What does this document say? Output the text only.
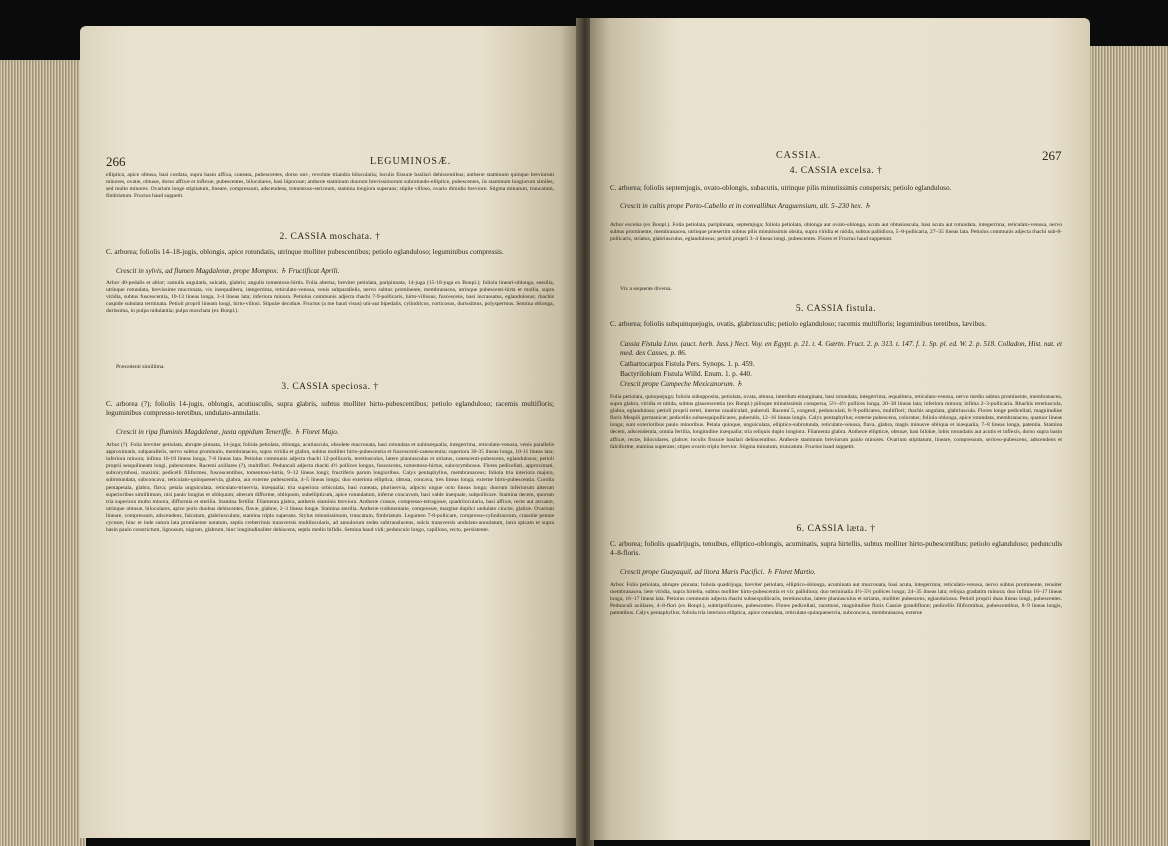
266	LEGUMINOSÆ.
elliptica, apice obtusa, basi cordata, supra basin affixa, cuneata, pubescentes, dorso uni-, revolute triandra bilocularia; loculis fissuræ basilari dehiscentibus; antheræ staminum quinque breviorum minores, ovatæ, obtusæ, dorso affixæ et inflexæ, pubescentes, biloculares, basi biporosæ; antheræ staminum duorum brevissimorum subrotundo-elliptice, pubescentes, iis staminum longiorum similes, sed multo minores. Ovarium longe stipitatum, lineare, compressum, adscendens, tomentoso-sericeum, stamina longiora superans; stipite villoso, ovario dimidio breviore. Stigma minutum, truncatum, fimbriatum. Fructus haud suppetit.
2. CASSIA moschata. †
C. arborea; foliolis 14–18-jugis, oblongis, apice rotundatis, utrinque molliter pubescentibus; petiolo eglanduloso; leguminibus compressis.
Crescit in sylvis, ad flumen Magdalenæ, prope Mompox. ♄ Fructificat Aprili.
Arbor 40-pedalis et altior; ramulis angulatis, sulcatis, glabris; angulis tomentoso-hirtis. Folia alterna, breviter petiolata, paripinnata, 14-juga (15-18-juga ex Bonpl.); foliola lineari-oblonga, sessilia, utrinque rotundata, brevissime mucronata, vix inæqualitera, integerrima, reticulato-venosa, venis subparallelis, nervo subtus prominente, membranacea, utrinque pubescenti-hirta et mollia, supra viridia, subtus fuscescentia, 10-13 lineas longa, 3-4 lineas lata; inferiora minora. Petiolus communis adjecta rhachi 7-9-pollicaris, hirto-villosus, fuscescens, basi incrassatus, eglandulosus; rhachis cuspide subulata terminata. Petioli proprii lineam longi, hirto-villosi. Stipulæ deciduæ. Fructus (a me haud visus) uni-aut bipedalis, cylindricus, corticosus, durissimus, polyspermus. Semina oblonga, durissima, in pulpa nidulantia; pulpa moschata (ex Bonpl.).
Præcedenti simillima.
3. CASSIA speciosa. †
C. arborea (?); foliolis 14-jugis, oblongis, acutiusculis, supra glabris, subtus molliter hirto-pubescentibus; petiolo eglanduloso; racemis multifloris; leguminibus compresso-teretibus, undulato-annulatis.
Crescit in ripa fluminis Magdalenæ, juxta oppidum Teneriffe. ♄ Floret Majo.
Arbor (?). Folia breviter petiolata, abrupte pinnata, 14-juga; foliola petiolata, oblonga, acutiuscula, obsolete mucronata, basi rotundata et subinæqualia, integerrima, reticulato-venosa, venis parallelis approximatis, subparallelis, nervo subtus prominulo, membranacea, supra viridia et glabra, subtus molliter hirto-pubescentia et fuscescenti-canescentia; superiora 30-35 lineas longa, 10-11 lineas lata; inferiora minora; infima 16-18 lineas longa, 7-8 lineas lata. Petiolus communis adjecta rhachi 12-pollicaris, teretiusculus, latere planiusculus et striatus, canescenti-pubescens, eglandulosus; petioli proprii sesquilineam longi, pubescentes. Racemi axillares (?), multiflori. Pedunculi adjecta rhachi 4½ pollices longus, fuscescens, tomentoso-hirtus, subcorymbosus. Flores pedicellati, approximati, subcorymbosi, maximi; pedicelli filiformes, fuscescentibus, tomentoso-hirtis, 9–12 lineas longi; fructiferis parum longioribus. Calyx pentaphyllus, membranaceus; foliola tria interiora majora, subrotundata, subconcava, reticulato-quinquenervia, glabra, aut externe pubescentia, 4–5 lineas longa; duo exteriora elliptica, obtusa, concava, tres lineas longa, externe hirto-pubescentia. Corolla pentapetala, glabra, flava; petala unguiculata, reticulato-trinervia, inæqualia; tria superiora orbiculata, basi cuneata, plurinervia, adpicto ungue octo lineas longa; duorum inferiorum alterum superioribus simillimum, nisi paulo longius et obliquum; alterum difforme, obliquum, subellipticum, apice rotundatum, inferne concavum, basi valde inæquale, subpollicare. Stamina decem, quorum tria superiora multo minora, difformia et sterilia. Stamina fertilia: Filamenta glabra, antheris staminis breviora. Antheræ crassæ, compresso-tetragonæ, quadrilocularia, basi affixæ, recte aut arcuatæ, utrinque obtusæ, biloculares, apice poris duobus dehiscentes, flavæ, glabræ, 2–3 lineas longæ. Stamina sterilia. Antheræ rudimentarie, compressæ, margine duplici undulato cinctæ, glabræ. Ovarium lineare, compressum, adscendens, falcatum, glabriusculum, stamina triplo superans. Stylus minutissimum, truncatum, fimbriatum. Legumen 7-8-pollicare, compresso-cylindraceum, crassitie pennæ cycneæ, hinc et inde sutura lata prominente notatum, septis creberrimis transversis multilocularis, ad annulorum sedes subtranslucens, sulcis transversis undulato-annulatum, intra spicam et supra basin paulo constrictum, lignosum, nigrum, glabrum, hinc longitudinaliter dehiscens, septis medio bifidis. Semina haud vidi; pedunculo longo, capilloso, recto, persistente.
CASSIA.	267
4. CASSIA excelsa. †
C. arborea; foliolis septemjugis, ovato-oblongis, subacutis, utrinque pilis minutissimis conspersis; petiolo eglanduloso.
Crescit in cultis prope Porto-Cabello et in convallibus Araguensium, alt. 5–230 hex. ♄
Arbor excelsa (ex Bonpl.). Folia petiolata, paripinnata, septemjuga; foliola petiolata, oblonga aut ovato-oblonga, acuta aut obtusiuscula, basi acuta aut rotundata, integerrima, reticulato-venosa, nervo subtus prominente, membranacea, utrinque præsertim subtus pilis minutissimis obsita, supra viridia et nitida, subtus pallidiora, 5–8-pollicaria, 27–35 lineas lata. Petiolus communis adjecta rhachi sub-8-pollicaris, striatus, glabriusculus, eglandulosus; petioli proprii 3–4 lineas longi, pubescentes. Flores et Fructus haud suppetunt.
Vix a sequente diversa.
5. CASSIA fistula.
C. arborea; foliolis subquinquejugis, ovatis, glabriusculis; petiolo eglanduloso; racemis multifloris; leguminibus teretibus, lævibus.
Cassia Fistula Linn. (auct. herb. Juss.) Nect. Voy. en Egypt. p. 21. t. 4. Gærtn. Fruct. 2. p. 313. t. 147. f. 1. Sp. pl. ed. W. 2. p. 518. Colladon, Hist. nat. et med. des Casses, p. 86.
Cathartocarpus Fistula Pers. Synops. 1. p. 459.
Bactyrilobium Fistula Willd. Enum. 1. p. 440.
Crescit prope Campeche Mexicanorum. ♄
Folia petiolata, quinquejuga; foliola subopposita, petiolata, ovata, obtusa, interdum emarginata, basi rotundata, integerrima, æqualitera, reticulato-venosa, nervo medio subtus prominente, membranacea, supra glabra, viridia et nitida, subtus glaucescentia (ex Bonpl.) pilisque minutissimis conspersa, 5½–4½ pollices longa, 20–30 lineas lata; inferiora minora; infima 2–3-pollicaria. Rhachis teretiuscula, glabra, eglandulosa; petioli proprii tereti, interne canaliculati, puberuli. Racemi 5, congesti, pedunculati, 8–9-pollicares, multiflori; rhachis angulata, glabriuscula. Flores longe pedicellati, magnitudine floris Mespili germanicæ; pedicellis subsesquipollicares, puberulis, 12–16 lineas longis. Calyx pentaphyllus; externe pubescens, coloratus; foliola oblonga, apice rotundata, membranacea, quatuor lineas longa; sunt exterioribus paulo minoribus. Petala quinque, unguiculata, elliptico-subrotunda, reticulato-venosa, flava, glabra, magis minusve obliqua et inæqualia, 7–8 lineas longa, patentia. Stamina decem, adscendentia, omnia fertilia, longitudine inæqualia; tria reliquis duplo longiora. Filamenta glabra. Antheræ ellipticæ, obtusæ, basi bilobæ, lobis rotundatis aut acutis et inflexis, dorso supra basin affixæ, rectæ, biloculares, glabræ; loculis fissuræ basilari dehiscentibus. Antheræ staminum breviorum paulo minores. Ovarium stipitatum, lineare, compressum, sericeo-pubescens, adscendens et falciforme, stamina superans; stipes ovario triplo brevior. Stigma minutum, truncatum. Fructus haud suppetit.
6. CASSIA læta. †
C. arborea; foliolis quadrijugis, tenuibus, elliptico-oblongis, acuminatis, supra hirtellis, subtus molliter hirto-pubescentibus; petiolo eglanduloso; pedunculis 4–8-floris.
Crescit prope Guayaquil, ad litora Maris Pacifici. ♄ Floret Martio.
Arbor. Folia petiolata, abrupte pinnata; foliola quadrijuga, breviter petiolata, elliptico-oblonga, acuminata aut mucronata, basi acuta, integerrima, reticulato-venosa, nervo subtus prominente, tenuiter membranacea, læte viridia, supra hirtella, subtus molliter hirto-pubescentia et vix pallidiora; duo terminalia 4½–5½ pollices longa; 24–35 lineas lata; reliqua gradatim minora; duo infima 16–17 lineas longa, 16–17 lineas lata. Petiolus communis adjecta rhachi subsexpollicaris, teretiusculus, latere planiusculus et striatus, molliter pubescens, eglandulosus. Petioli proprii duas lineas longi, pubescentes. Pedunculi axillares, 4–8-flori (ex Bonpl.), subtripollicares, pubescentes. Flores pedicellati, racemosi, magnitudine floris Cassiæ grandifloræ; pedicellis filiformibus, pubescentibus, 8–9 lineas longis, patentibus. Calyx pentaphyllus; foliola tria interiora elliptica, apice rotundata, reticulato-quinquenervia, subconcava, membranacea, externe
